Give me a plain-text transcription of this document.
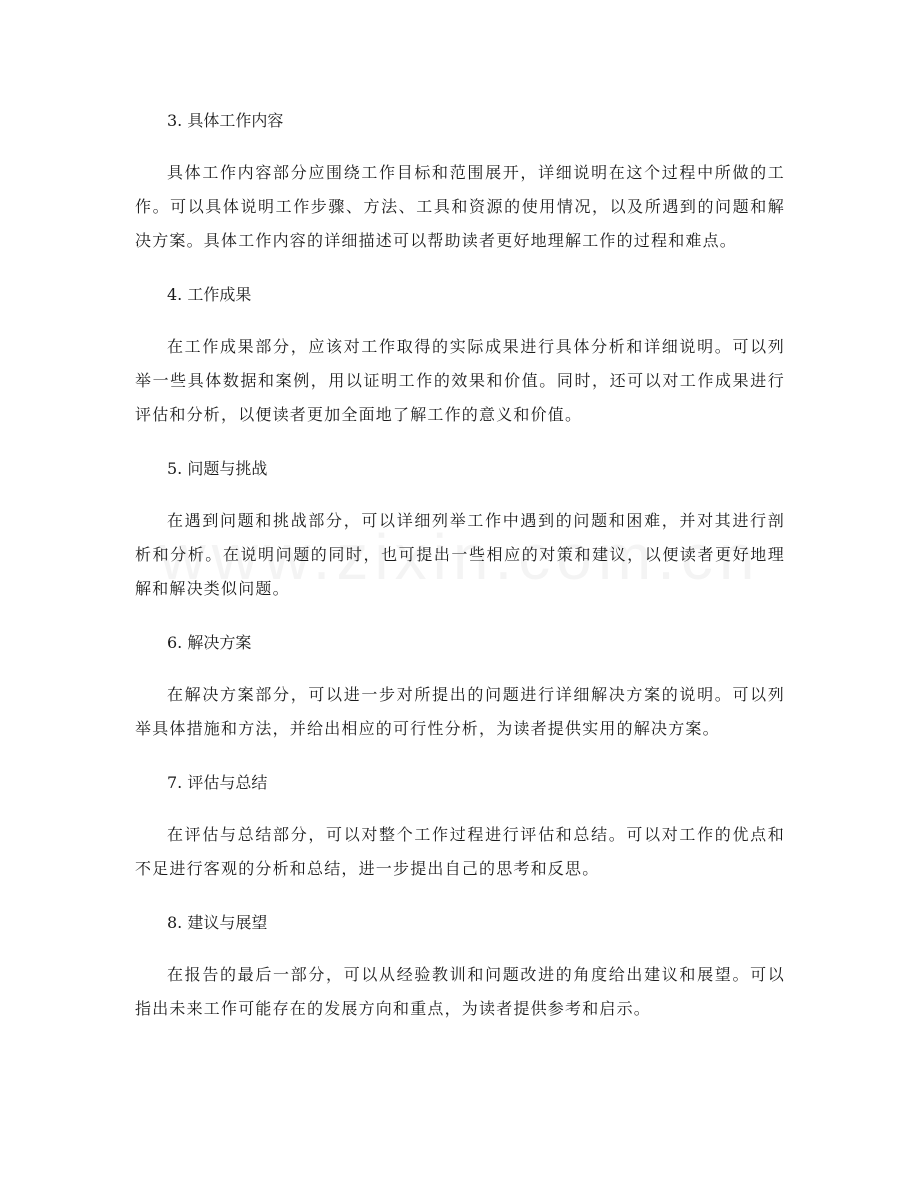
3. 具体工作内容

具体工作内容部分应围绕工作目标和范围展开，详细说明在这个过程中所做的工作。可以具体说明工作步骤、方法、工具和资源的使用情况，以及所遇到的问题和解决方案。具体工作内容的详细描述可以帮助读者更好地理解工作的过程和难点。

4. 工作成果

在工作成果部分，应该对工作取得的实际成果进行具体分析和详细说明。可以列举一些具体数据和案例，用以证明工作的效果和价值。同时，还可以对工作成果进行评估和分析，以便读者更加全面地了解工作的意义和价值。

5. 问题与挑战

在遇到问题和挑战部分，可以详细列举工作中遇到的问题和困难，并对其进行剖析和分析。在说明问题的同时，也可提出一些相应的对策和建议，以便读者更好地理解和解决类似问题。

6. 解决方案

在解决方案部分，可以进一步对所提出的问题进行详细解决方案的说明。可以列举具体措施和方法，并给出相应的可行性分析，为读者提供实用的解决方案。

7. 评估与总结

在评估与总结部分，可以对整个工作过程进行评估和总结。可以对工作的优点和不足进行客观的分析和总结，进一步提出自己的思考和反思。

8. 建议与展望

在报告的最后一部分，可以从经验教训和问题改进的角度给出建议和展望。可以指出未来工作可能存在的发展方向和重点，为读者提供参考和启示。
